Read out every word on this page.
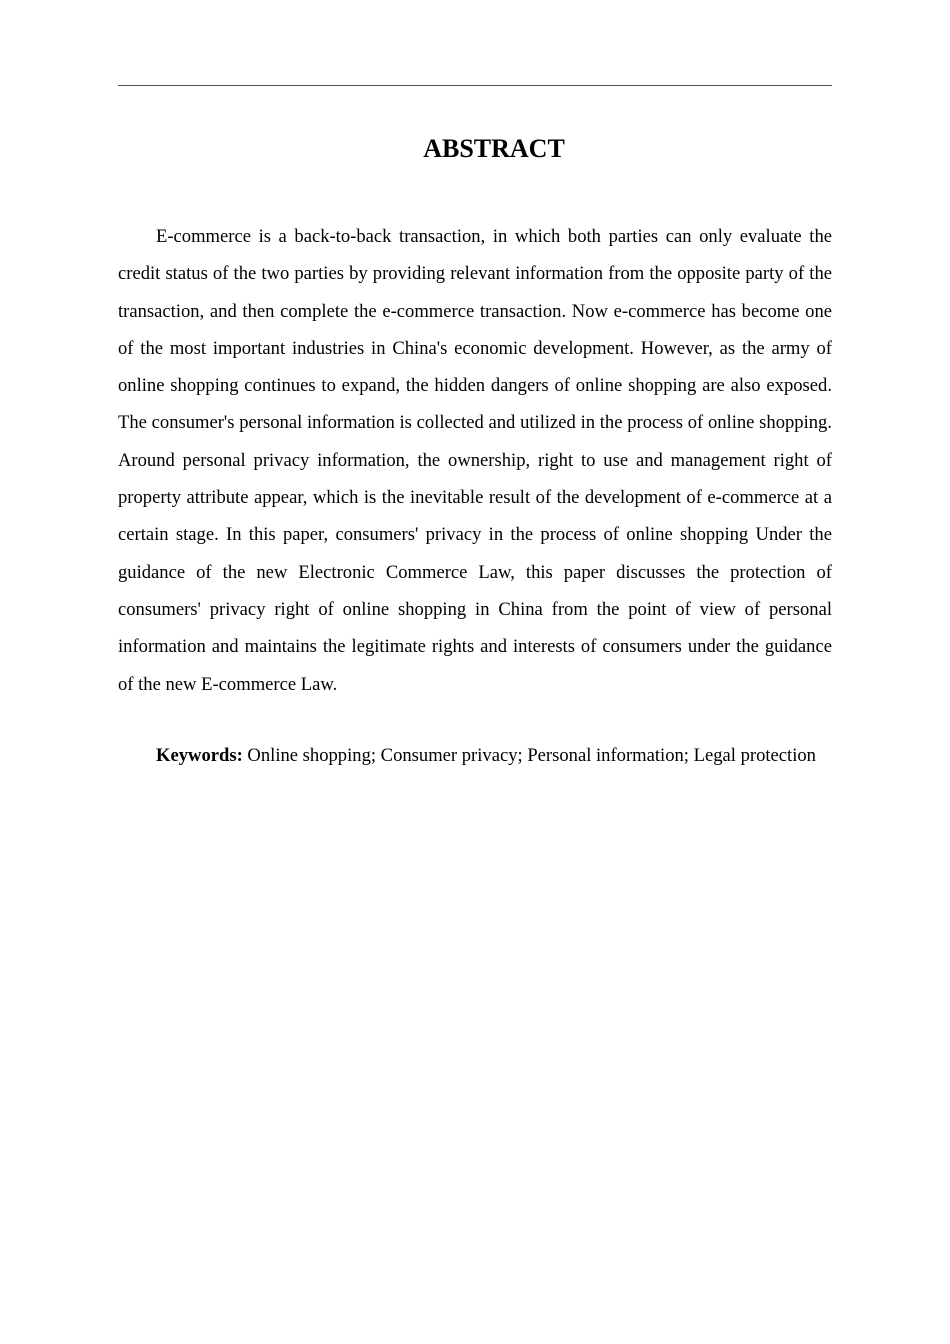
ABSTRACT

E-commerce is a back-to-back transaction, in which both parties can only evaluate the credit status of the two parties by providing relevant information from the opposite party of the transaction, and then complete the e-commerce transaction. Now e-commerce has become one of the most important industries in China's economic development. However, as the army of online shopping continues to expand, the hidden dangers of online shopping are also exposed. The consumer's personal information is collected and utilized in the process of online shopping. Around personal privacy information, the ownership, right to use and management right of property attribute appear, which is the inevitable result of the development of e-commerce at a certain stage. In this paper, consumers' privacy in the process of online shopping Under the guidance of the new Electronic Commerce Law, this paper discusses the protection of consumers' privacy right of online shopping in China from the point of view of personal information and maintains the legitimate rights and interests of consumers under the guidance of the new E-commerce Law.

Keywords: Online shopping; Consumer privacy; Personal information; Legal protection
